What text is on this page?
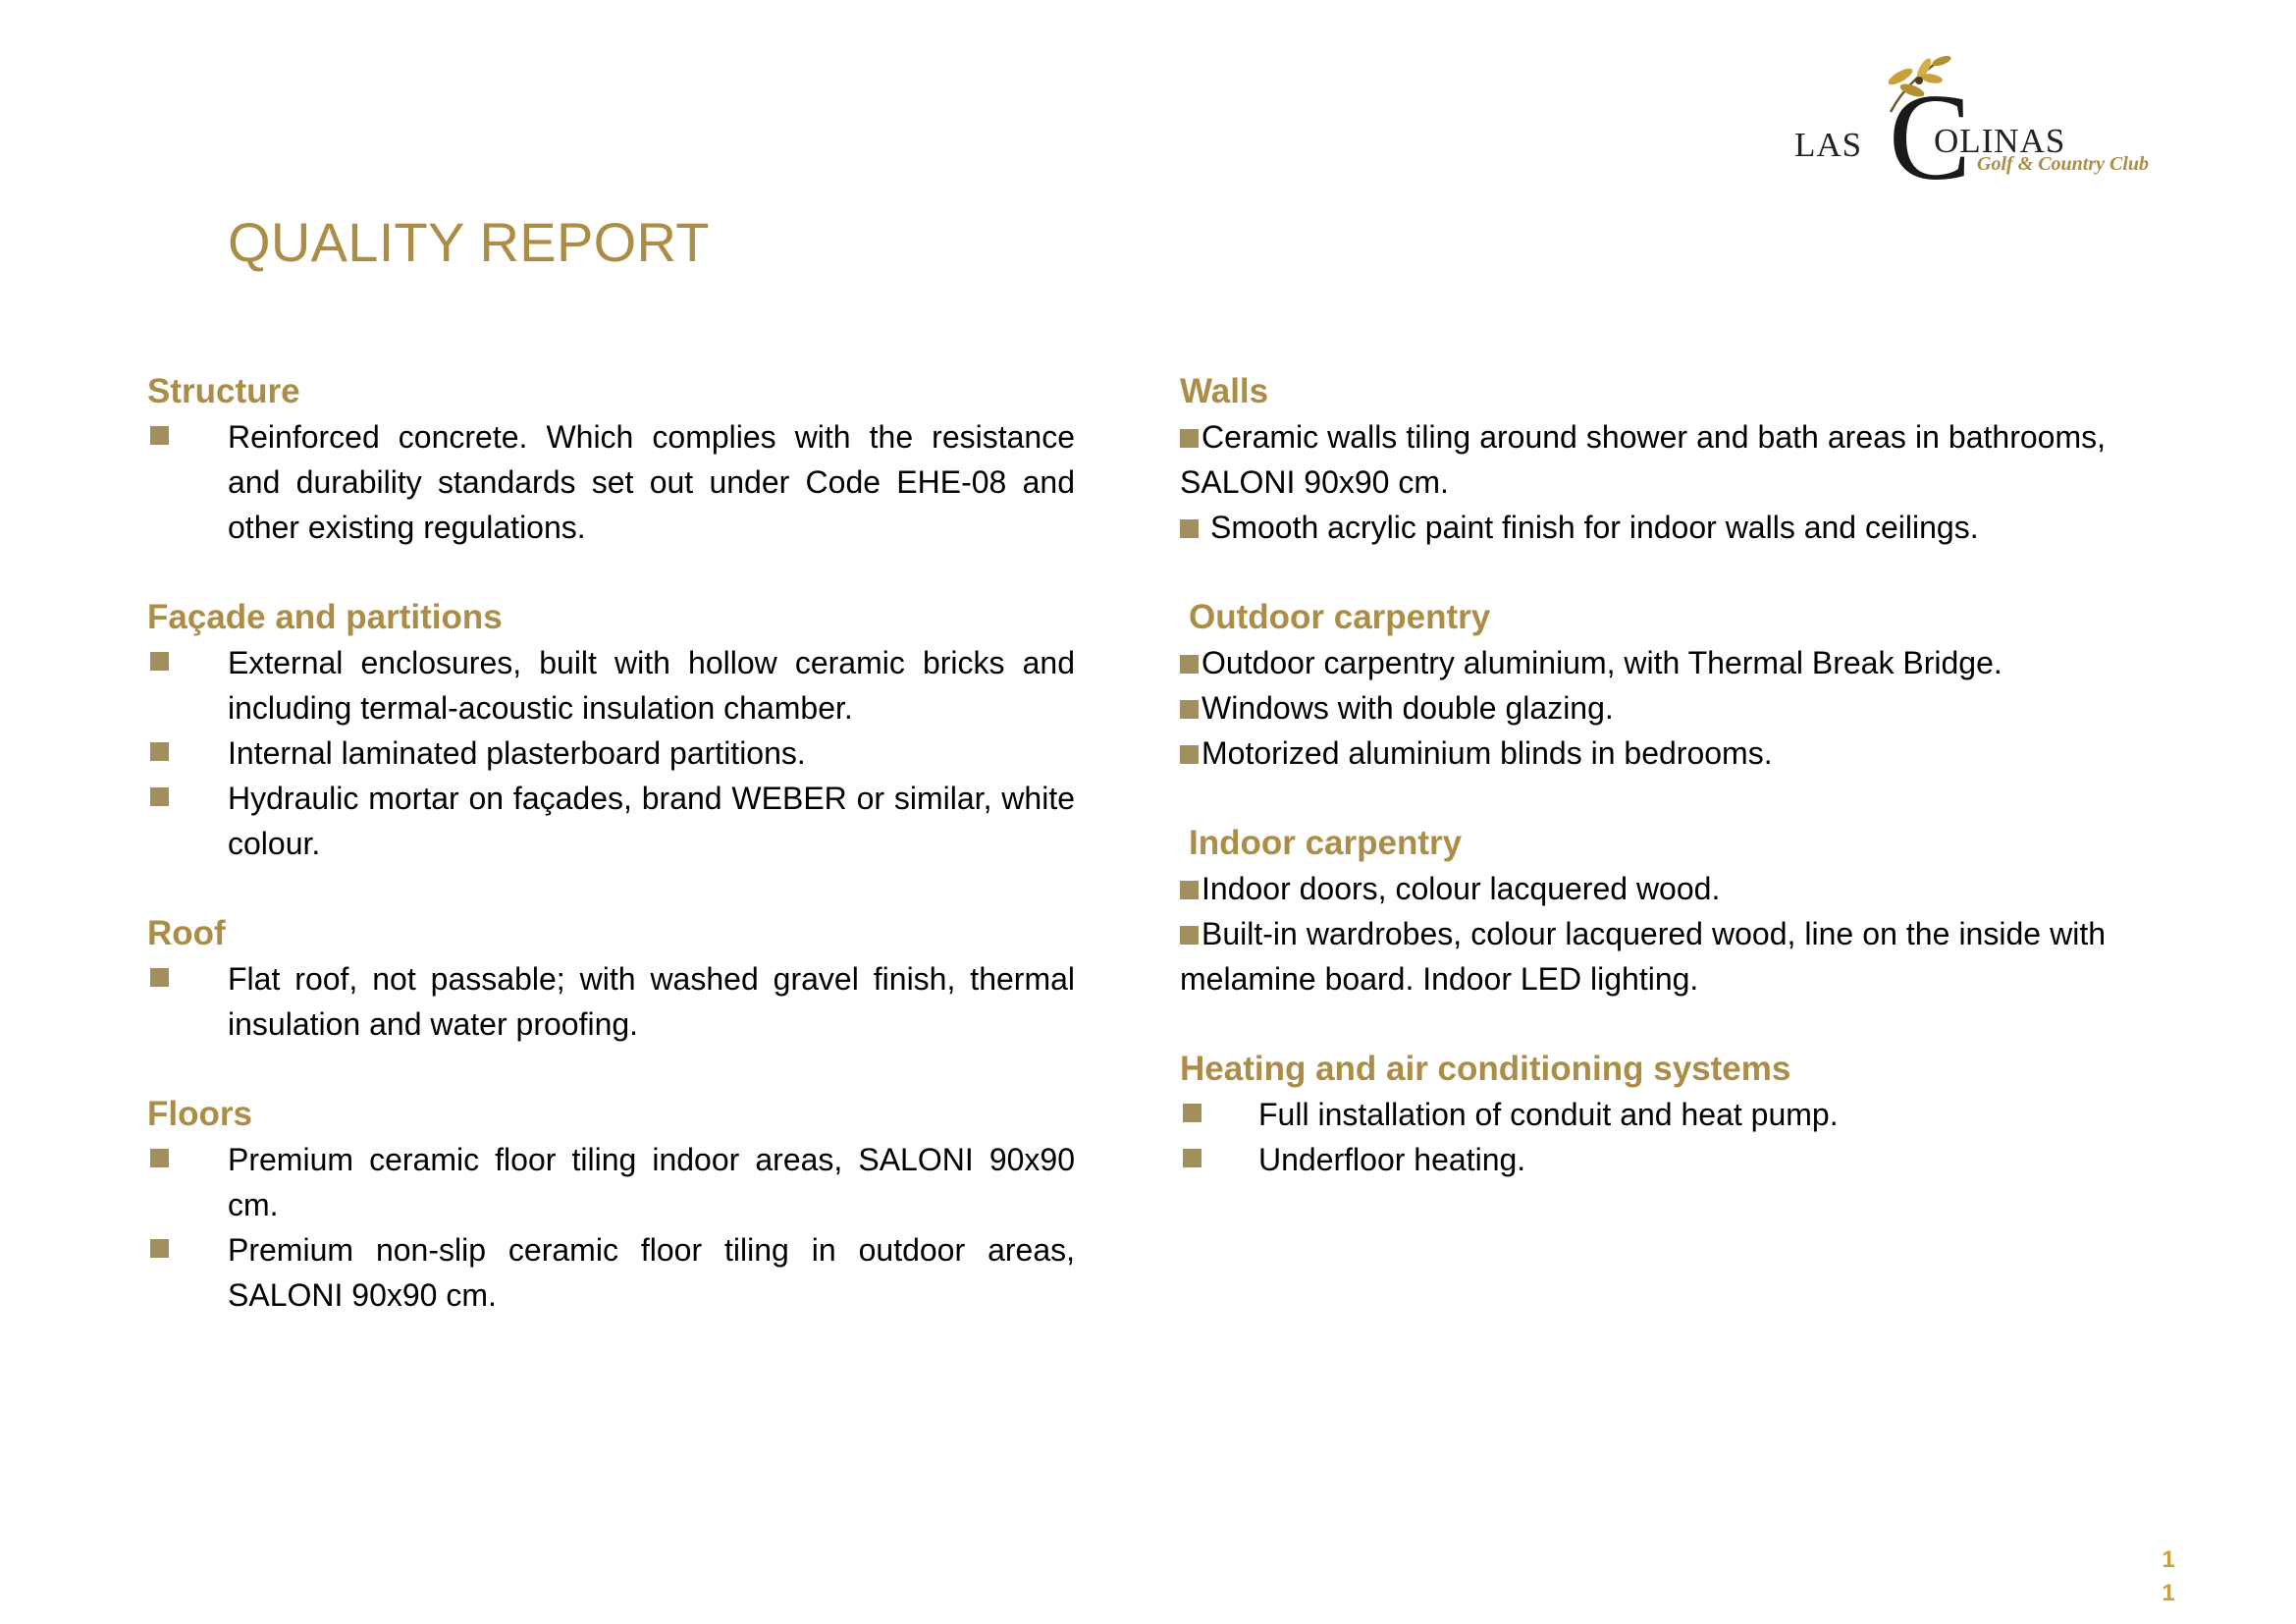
C
LAS OLINAS
Golf & Country Club
QUALITY REPORT
Structure
Reinforced concrete. Which complies with the resistance and durability standards set out under Code EHE-08 and other existing regulations.
Façade and partitions
External enclosures, built with hollow ceramic bricks and including termal-acoustic insulation chamber.
Internal laminated plasterboard partitions.
Hydraulic mortar on façades, brand WEBER or similar, white colour.
Roof
Flat roof, not passable; with washed gravel finish, thermal insulation and water proofing.
Floors
Premium ceramic floor tiling indoor areas, SALONI 90x90 cm.
Premium non-slip ceramic floor tiling in outdoor areas, SALONI 90x90 cm.
Walls
Ceramic walls tiling around shower and bath areas in bathrooms, SALONI 90x90 cm.
Smooth acrylic paint finish for indoor walls and ceilings.
Outdoor carpentry
Outdoor carpentry aluminium, with Thermal Break Bridge.
Windows with double glazing.
Motorized aluminium blinds in bedrooms.
Indoor carpentry
Indoor doors, colour lacquered wood.
Built-in wardrobes, colour lacquered wood, line on the inside with melamine board. Indoor LED lighting.
Heating and air conditioning systems
Full installation of conduit and heat pump.
Underfloor heating.
1
1
